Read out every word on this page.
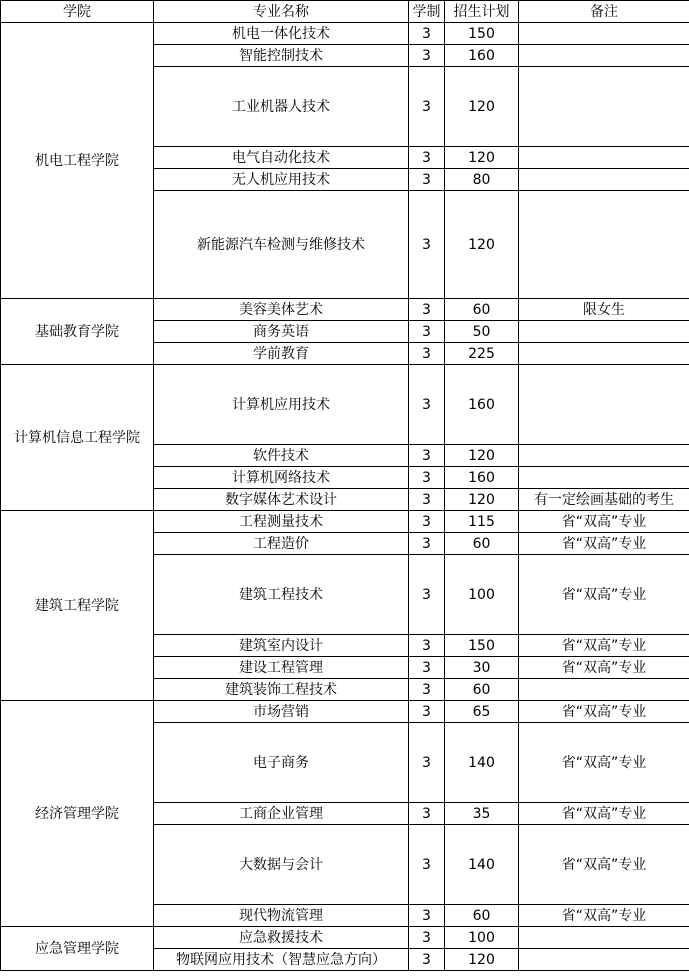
学院	专业名称	学制	招生计划	备注
机电工程学院	机电一体化技术	3	150	
	智能控制技术	3	160	
	工业机器人技术	3	120	
	电气自动化技术	3	120	
	无人机应用技术	3	80	
	新能源汽车检测与维修技术	3	120	
基础教育学院	美容美体艺术	3	60	限女生
	商务英语	3	50	
	学前教育	3	225	
计算机信息工程学院	计算机应用技术	3	160	
	软件技术	3	120	
	计算机网络技术	3	160	
	数字媒体艺术设计	3	120	有一定绘画基础的考生
建筑工程学院	工程测量技术	3	115	省“双高”专业
	工程造价	3	60	省“双高”专业
	建筑工程技术	3	100	省“双高”专业
	建筑室内设计	3	150	省“双高”专业
	建设工程管理	3	30	省“双高”专业
	建筑装饰工程技术	3	60	
经济管理学院	市场营销	3	65	省“双高”专业
	电子商务	3	140	省“双高”专业
	工商企业管理	3	35	省“双高”专业
	大数据与会计	3	140	省“双高”专业
	现代物流管理	3	60	省“双高”专业
应急管理学院	应急救援技术	3	100	
	物联网应用技术（智慧应急方向）	3	120	
